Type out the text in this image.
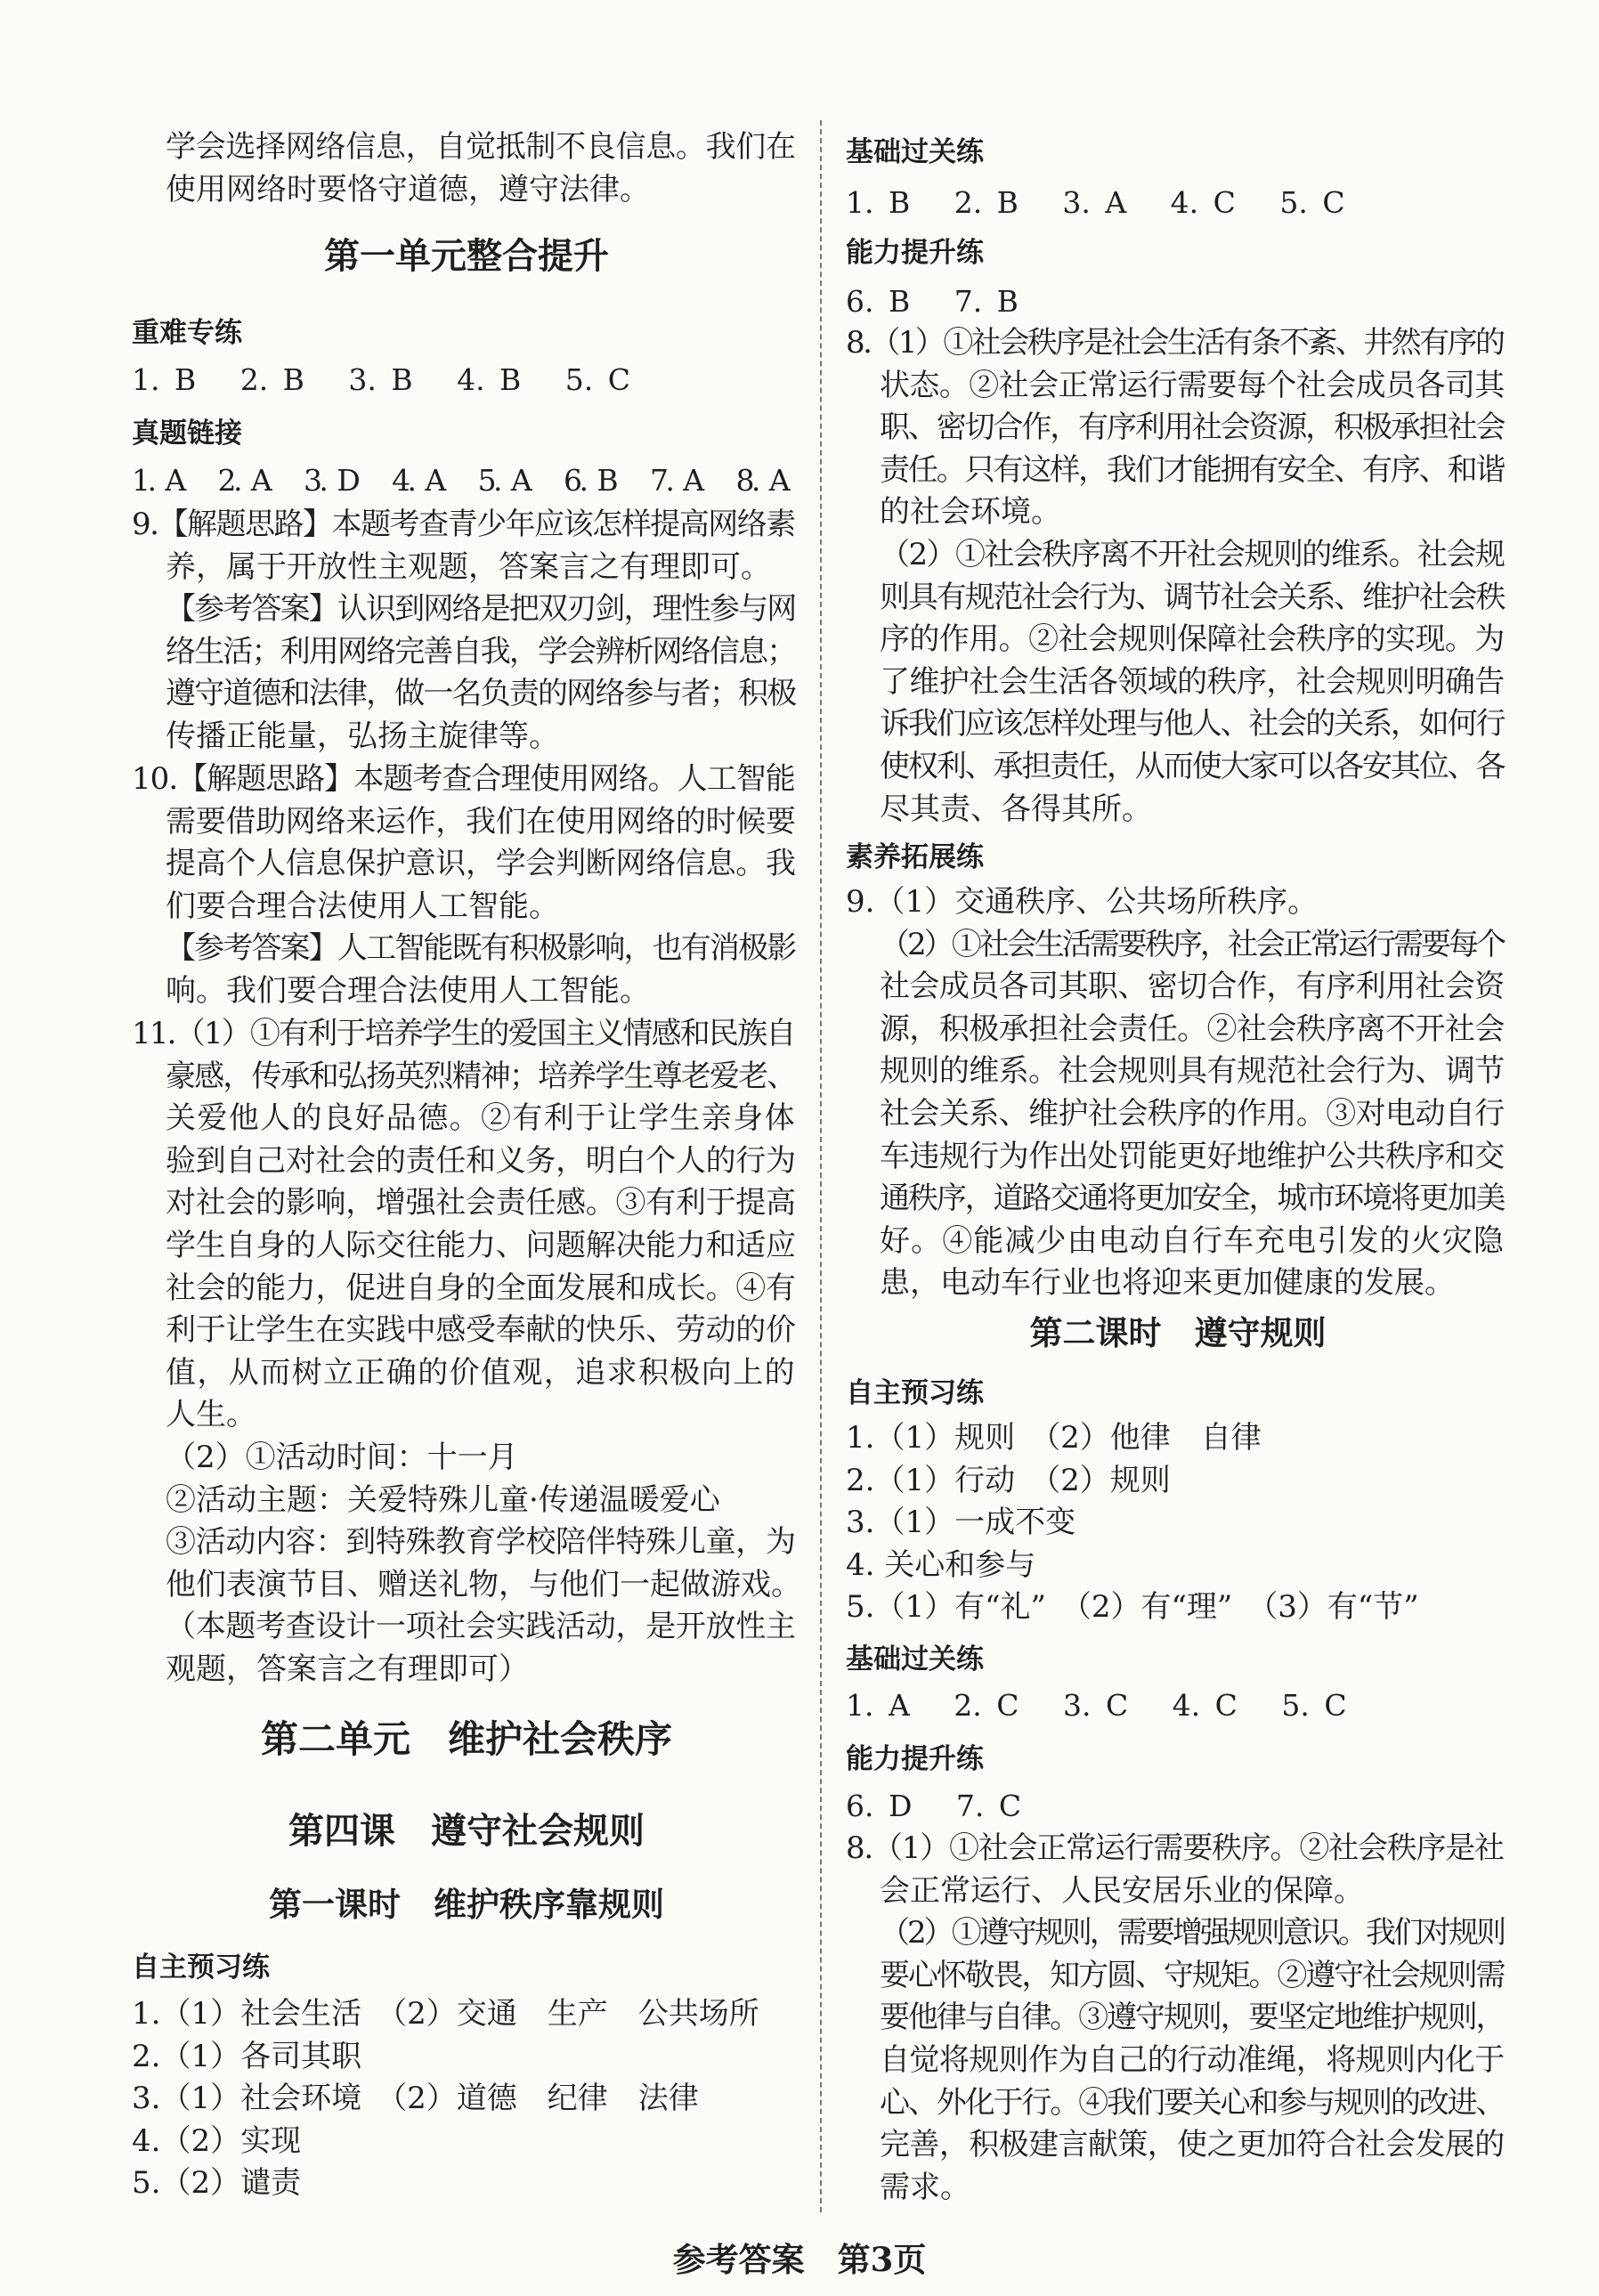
学会选择网络信息，自觉抵制不良信息。我们在
使用网络时要恪守道德，遵守法律。
第一单元整合提升
重难专练
1. B   2. B   3. B   4. B   5. C
真题链接
1. A   2. A   3. D   4. A   5. A   6. B   7. A   8. A
9.【解题思路】本题考查青少年应该怎样提高网络素
养，属于开放性主观题，答案言之有理即可。
【参考答案】认识到网络是把双刃剑，理性参与网
络生活；利用网络完善自我，学会辨析网络信息；
遵守道德和法律，做一名负责的网络参与者；积极
传播正能量，弘扬主旋律等。
10.【解题思路】本题考查合理使用网络。人工智能
需要借助网络来运作，我们在使用网络的时候要
提高个人信息保护意识，学会判断网络信息。我
们要合理合法使用人工智能。
【参考答案】人工智能既有积极影响，也有消极影
响。我们要合理合法使用人工智能。
11.（1）①有利于培养学生的爱国主义情感和民族自
豪感，传承和弘扬英烈精神；培养学生尊老爱老、
关爱他人的良好品德。②有利于让学生亲身体
验到自己对社会的责任和义务，明白个人的行为
对社会的影响，增强社会责任感。③有利于提高
学生自身的人际交往能力、问题解决能力和适应
社会的能力，促进自身的全面发展和成长。④有
利于让学生在实践中感受奉献的快乐、劳动的价
值，从而树立正确的价值观，追求积极向上的
人生。
（2）①活动时间：十一月
②活动主题：关爱特殊儿童·传递温暖爱心
③活动内容：到特殊教育学校陪伴特殊儿童，为
他们表演节目、赠送礼物，与他们一起做游戏。
（本题考查设计一项社会实践活动，是开放性主
观题，答案言之有理即可）
第二单元　维护社会秩序
第四课　遵守社会规则
第一课时　维护秩序靠规则
自主预习练
1.（1）社会生活　（2）交通　生产　公共场所
2.（1）各司其职
3.（1）社会环境　（2）道德　纪律　法律
4.（2）实现
5.（2）谴责
基础过关练
1. B   2. B   3. A   4. C   5. C
能力提升练
6. B   7. B
8.（1）①社会秩序是社会生活有条不紊、井然有序的
状态。②社会正常运行需要每个社会成员各司其
职、密切合作，有序利用社会资源，积极承担社会
责任。只有这样，我们才能拥有安全、有序、和谐
的社会环境。
（2）①社会秩序离不开社会规则的维系。社会规
则具有规范社会行为、调节社会关系、维护社会秩
序的作用。②社会规则保障社会秩序的实现。为
了维护社会生活各领域的秩序，社会规则明确告
诉我们应该怎样处理与他人、社会的关系，如何行
使权利、承担责任，从而使大家可以各安其位、各
尽其责、各得其所。
素养拓展练
9.（1）交通秩序、公共场所秩序。
（2）①社会生活需要秩序，社会正常运行需要每个
社会成员各司其职、密切合作，有序利用社会资
源，积极承担社会责任。②社会秩序离不开社会
规则的维系。社会规则具有规范社会行为、调节
社会关系、维护社会秩序的作用。③对电动自行
车违规行为作出处罚能更好地维护公共秩序和交
通秩序，道路交通将更加安全，城市环境将更加美
好。④能减少由电动自行车充电引发的火灾隐
患，电动车行业也将迎来更加健康的发展。
第二课时　遵守规则
自主预习练
1.（1）规则　（2）他律　自律
2.（1）行动　（2）规则
3.（1）一成不变
4. 关心和参与
5.（1）有“礼”　（2）有“理”　（3）有“节”
基础过关练
1. A   2. C   3. C   4. C   5. C
能力提升练
6. D   7. C
8.（1）①社会正常运行需要秩序。②社会秩序是社
会正常运行、人民安居乐业的保障。
（2）①遵守规则，需要增强规则意识。我们对规则
要心怀敬畏，知方圆、守规矩。②遵守社会规则需
要他律与自律。③遵守规则，要坚定地维护规则，
自觉将规则作为自己的行动准绳，将规则内化于
心、外化于行。④我们要关心和参与规则的改进、
完善，积极建言献策，使之更加符合社会发展的
需求。
参考答案　第3页
